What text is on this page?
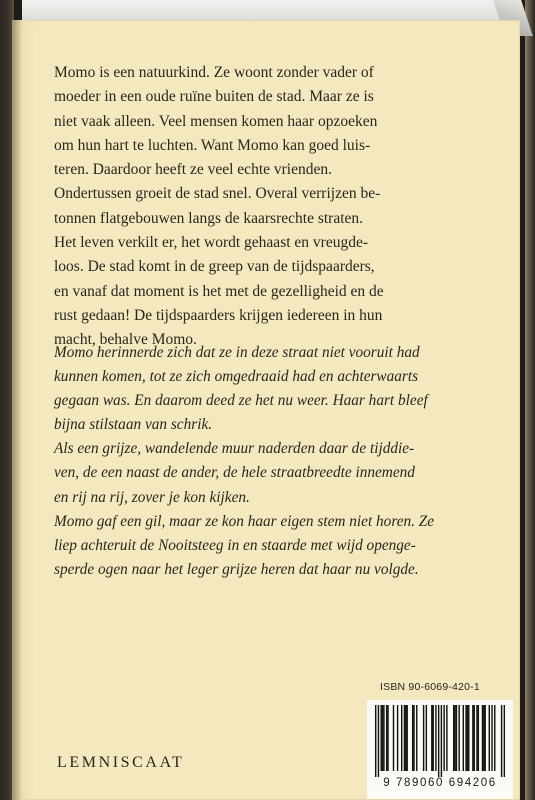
Momo is een natuurkind. Ze woont zonder vader of

moeder in een oude ruïne buiten de stad. Maar ze is

niet vaak alleen. Veel mensen komen haar opzoeken

om hun hart te luchten. Want Momo kan goed luis-

teren. Daardoor heeft ze veel echte vrienden.

Ondertussen groeit de stad snel. Overal verrijzen be-

tonnen flatgebouwen langs de kaarsrechte straten.

Het leven verkilt er, het wordt gehaast en vreugde-

loos. De stad komt in de greep van de tijdspaarders,

en vanaf dat moment is het met de gezelligheid en de

rust gedaan! De tijdspaarders krijgen iedereen in hun

macht, behalve Momo.

Momo herinnerde zich dat ze in deze straat niet vooruit had

kunnen komen, tot ze zich omgedraaid had en achterwaarts

gegaan was. En daarom deed ze het nu weer. Haar hart bleef

bijna stilstaan van schrik.

Als een grijze, wandelende muur naderden daar de tijddie-

ven, de een naast de ander, de hele straatbreedte innemend

en rij na rij, zover je kon kijken.

Momo gaf een gil, maar ze kon haar eigen stem niet horen. Ze

liep achteruit de Nooitsteeg in en staarde met wijd openge-

sperde ogen naar het leger grijze heren dat haar nu volgde.

LEMNISCAAT
ISBN 90-6069-420-1
9 789060 694206
